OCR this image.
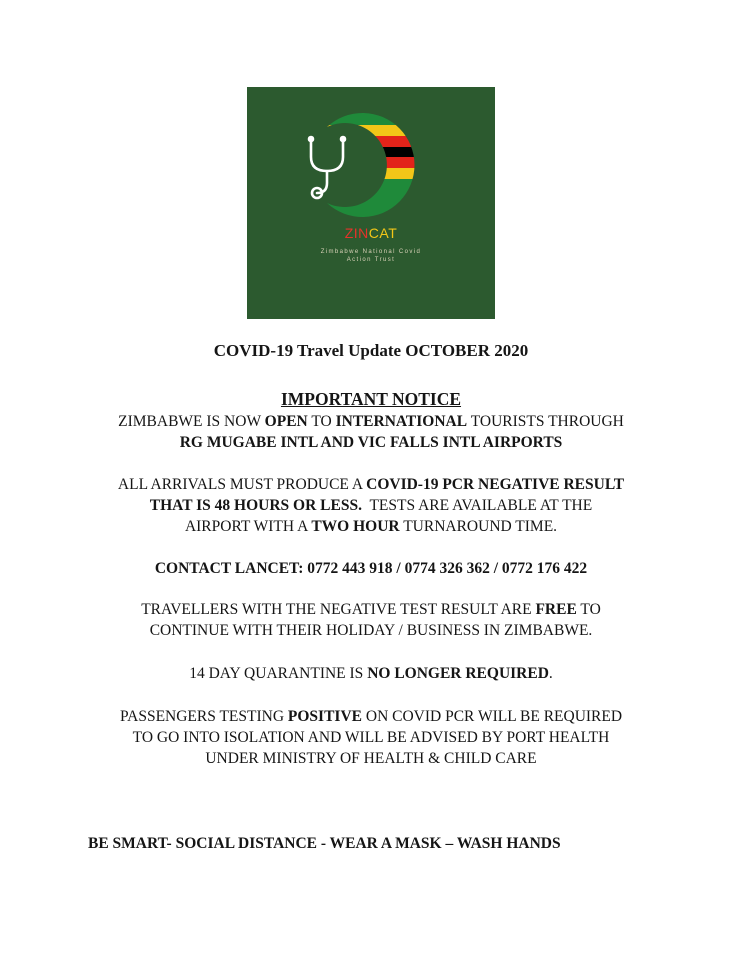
ZINCAT
Zimbabwe National Covid
Action Trust
COVID-19 Travel Update OCTOBER 2020
IMPORTANT NOTICE
ZIMBABWE IS NOW OPEN TO INTERNATIONAL TOURISTS THROUGH
RG MUGABE INTL AND VIC FALLS INTL AIRPORTS
ALL ARRIVALS MUST PRODUCE A COVID-19 PCR NEGATIVE RESULT
THAT IS 48 HOURS OR LESS.  TESTS ARE AVAILABLE AT THE
AIRPORT WITH A TWO HOUR TURNAROUND TIME.
CONTACT LANCET: 0772 443 918 / 0774 326 362 / 0772 176 422
TRAVELLERS WITH THE NEGATIVE TEST RESULT ARE FREE TO
CONTINUE WITH THEIR HOLIDAY / BUSINESS IN ZIMBABWE.
14 DAY QUARANTINE IS NO LONGER REQUIRED.
PASSENGERS TESTING POSITIVE ON COVID PCR WILL BE REQUIRED
TO GO INTO ISOLATION AND WILL BE ADVISED BY PORT HEALTH
UNDER MINISTRY OF HEALTH & CHILD CARE
BE SMART- SOCIAL DISTANCE - WEAR A MASK – WASH HANDS
